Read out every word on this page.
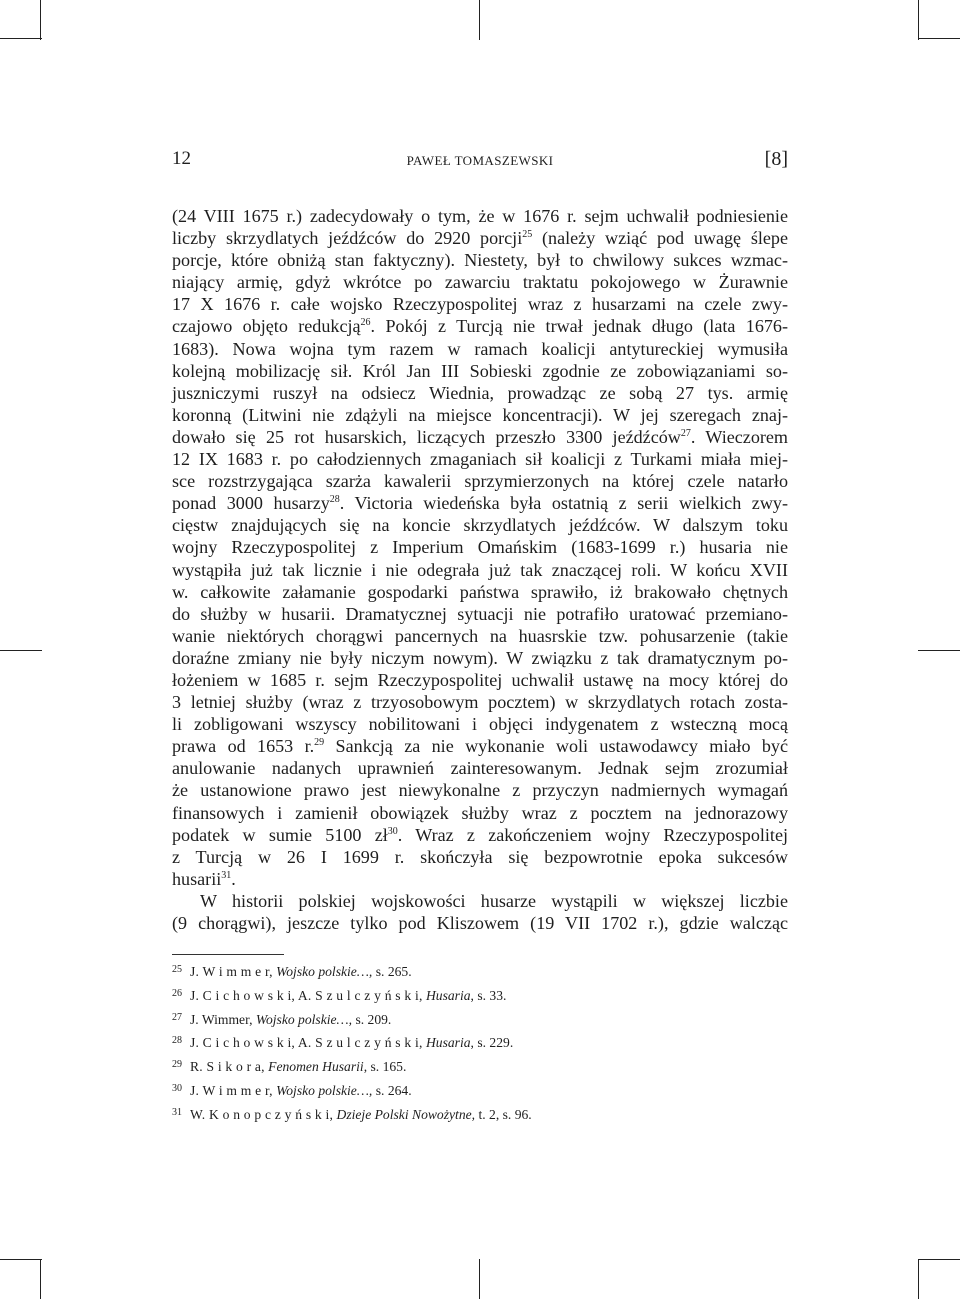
12	PAWEŁ TOMASZEWSKI	[8]

(24 VIII 1675 r.) zadecydowały o tym, że w 1676 r. sejm uchwalił podniesienie
liczby skrzydlatych jeźdźców do 2920 porcji$^{25}$ (należy wziąć pod uwagę ślepe
porcje, które obniżą stan faktyczny). Niestety, był to chwilowy sukces wzmac-
niający armię, gdyż wkrótce po zawarciu traktatu pokojowego w Żurawnie
17 X 1676 r. całe wojsko Rzeczypospolitej wraz z husarzami na czele zwy-
czajowo objęto redukcją$^{26}$. Pokój z Turcją nie trwał jednak długo (lata 1676-
1683). Nowa wojna tym razem w ramach koalicji antytureckiej wymusiła
kolejną mobilizację sił. Król Jan III Sobieski zgodnie ze zobowiązaniami so-
juszniczymi ruszył na odsiecz Wiednia, prowadząc ze sobą 27 tys. armię
koronną (Litwini nie zdążyli na miejsce koncentracji). W jej szeregach znaj-
dowało się 25 rot husarskich, liczących przeszło 3300 jeźdźców$^{27}$. Wieczorem
12 IX 1683 r. po całodziennych zmaganiach sił koalicji z Turkami miała miej-
sce rozstrzygająca szarża kawalerii sprzymierzonych na której czele natarło
ponad 3000 husarzy$^{28}$. Victoria wiedeńska była ostatnią z serii wielkich zwy-
cięstw znajdujących się na koncie skrzydlatych jeźdźców. W dalszym toku
wojny Rzeczypospolitej z Imperium Omańskim (1683-1699 r.) husaria nie
wystąpiła już tak licznie i nie odegrała już tak znaczącej roli. W końcu XVII
w. całkowite załamanie gospodarki państwa sprawiło, iż brakowało chętnych
do służby w husarii. Dramatycznej sytuacji nie potrafiło uratować przemiano-
wanie niektórych chorągwi pancernych na huasrskie tzw. pohusarzenie (takie
doraźne zmiany nie były niczym nowym). W związku z tak dramatycznym po-
łożeniem w 1685 r. sejm Rzeczypospolitej uchwalił ustawę na mocy której do
3 letniej służby (wraz z trzyosobowym pocztem) w skrzydlatych rotach zosta-
li zobligowani wszyscy nobilitowani i objęci indygenatem z wsteczną mocą
prawa od 1653 r.$^{29}$ Sankcją za nie wykonanie woli ustawodawcy miało być
anulowanie nadanych uprawnień zainteresowanym. Jednak sejm zrozumiał
że ustanowione prawo jest niewykonalne z przyczyn nadmiernych wymagań
finansowych i zamienił obowiązek służby wraz z pocztem na jednorazowy
podatek w sumie 5100 $zł^{30}$. Wraz z zakończeniem wojny Rzeczypospolitej
z Turcją w 26 I 1699 r. skończyła się bezpowrotnie epoka sukcesów
husarii$^{31}$.

W historii polskiej wojskowości husarze wystąpili w większej liczbie
(9 chorągwi), jeszcze tylko pod Kliszowem (19 VII 1702 r.), gdzie walcząc

25 J. W i m m e r, Wojsko polskie…, s. 265.
26 J. C i c h o w s k i, A. S z u l c z y ń s k i, Husaria, s. 33.
27 J. Wimmer, Wojsko polskie…, s. 209.
28 J. C i c h o w s k i, A. S z u l c z y ń s k i, Husaria, s. 229.
29 R. S i k o r a, Fenomen Husarii, s. 165.
30 J. W i m m e r, Wojsko polskie…, s. 264.
31 W. K o n o p c z y ń s k i, Dzieje Polski Nowożytne, t. 2, s. 96.
